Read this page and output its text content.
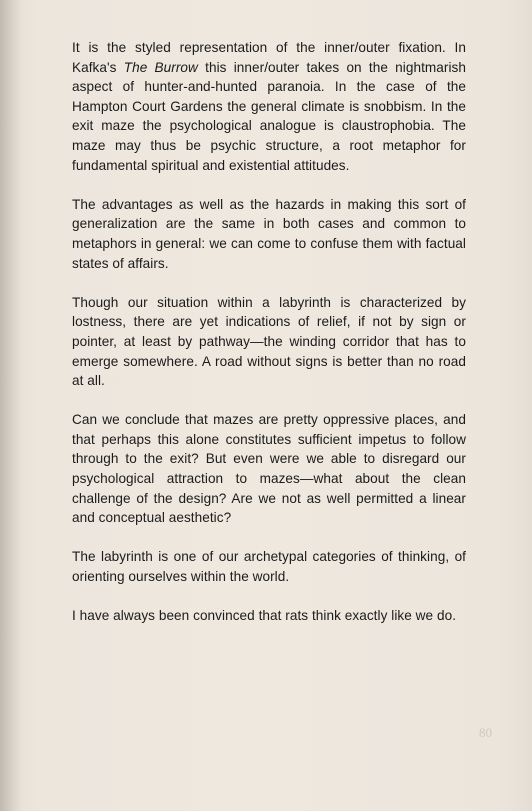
It is the styled representation of the inner/outer fixation. In Kafka's The Burrow this inner/outer takes on the nightmarish aspect of hunter-and-hunted paranoia. In the case of the Hampton Court Gardens the general climate is snobbism. In the exit maze the psychological analogue is claustrophobia. The maze may thus be psychic structure, a root metaphor for fundamental spiritual and existential attitudes.

The advantages as well as the hazards in making this sort of generalization are the same in both cases and common to metaphors in general: we can come to confuse them with factual states of affairs.

Though our situation within a labyrinth is characterized by lostness, there are yet indications of relief, if not by sign or pointer, at least by pathway—the winding corridor that has to emerge somewhere. A road without signs is better than no road at all.

Can we conclude that mazes are pretty oppressive places, and that perhaps this alone constitutes sufficient impetus to follow through to the exit? But even were we able to disregard our psychological attraction to mazes—what about the clean challenge of the design? Are we not as well permitted a linear and conceptual aesthetic?

The labyrinth is one of our archetypal categories of thinking, of orienting ourselves within the world.

I have always been convinced that rats think exactly like we do.

80
